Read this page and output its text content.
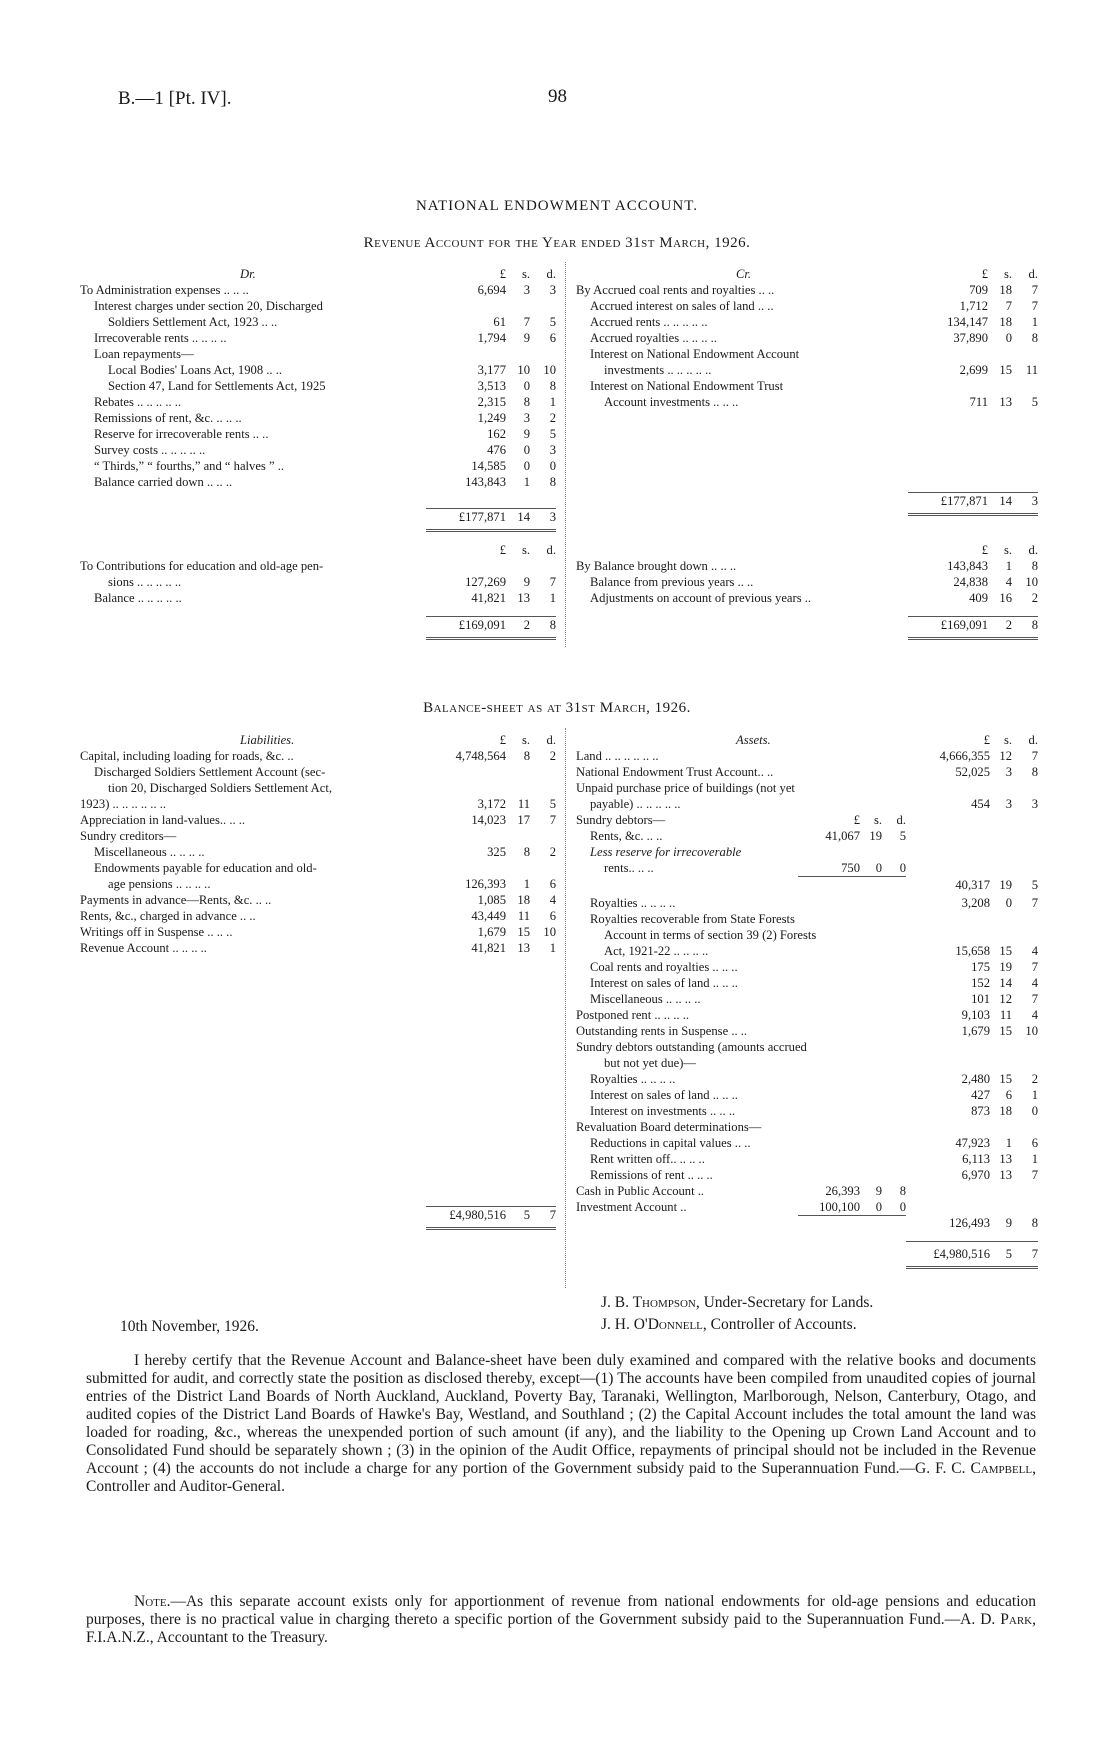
B.—1 [Pt. IV].	98
NATIONAL ENDOWMENT ACCOUNT.
Revenue Account for the Year ended 31st March, 1926.
Dr.	£	s.	d.
To Administration expenses .. .. ..	6,694	3	3
Interest charges under section 20, Discharged			
Soldiers Settlement Act, 1923 .. ..	61	7	5
Irrecoverable rents .. .. .. ..	1,794	9	6
Loan repayments—			
Local Bodies' Loans Act, 1908 .. ..	3,177	10	10
Section 47, Land for Settlements Act, 1925	3,513	0	8
Rebates .. .. .. .. ..	2,315	8	1
Remissions of rent, &c. .. .. ..	1,249	3	2
Reserve for irrecoverable rents .. ..	162	9	5
Survey costs .. .. .. .. ..	476	0	3
“ Thirds,” “ fourths,” and “ halves ” ..	14,585	0	0
Balance carried down .. .. ..	143,843	1	8

	£177,871	14	3
Cr.	£	s.	d.
By Accrued coal rents and royalties .. ..	709	18	7
Accrued interest on sales of land .. ..	1,712	7	7
Accrued rents .. .. .. .. ..	134,147	18	1
Accrued royalties .. .. .. ..	37,890	0	8
Interest on National Endowment Account			
investments .. .. .. .. ..	2,699	15	11
Interest on National Endowment Trust			
Account investments .. .. ..	711	13	5

	£177,871	14	3
	£	s.	d.
To Contributions for education and old-age pen-			
sions .. .. .. .. ..	127,269	9	7
Balance .. .. .. .. ..	41,821	13	1

	£169,091	2	8
	£	s.	d.
By Balance brought down .. .. ..	143,843	1	8
Balance from previous years .. ..	24,838	4	10
Adjustments on account of previous years ..	409	16	2

	£169,091	2	8
Balance-sheet as at 31st March, 1926.
Liabilities.	£	s.	d.
Capital, including loading for roads, &c. ..	4,748,564	8	2
Discharged Soldiers Settlement Account (sec-			
tion 20, Discharged Soldiers Settlement Act,			
1923) .. .. .. .. .. ..	3,172	11	5
Appreciation in land-values.. .. ..	14,023	17	7
Sundry creditors—			
Miscellaneous .. .. .. ..	325	8	2
Endowments payable for education and old-			
age pensions .. .. .. ..	126,393	1	6
Payments in advance—Rents, &c. .. ..	1,085	18	4
Rents, &c., charged in advance .. ..	43,449	11	6
Writings off in Suspense .. .. ..	1,679	15	10
Revenue Account .. .. .. ..	41,821	13	1

	£4,980,516	5	7
Assets.				£	s.	d.
Land .. .. .. .. .. ..				4,666,355	12	7
National Endowment Trust Account.. ..				52,025	3	8
Unpaid purchase price of buildings (not yet						
payable) .. .. .. .. ..				454	3	3
Sundry debtors—	£	s.	d.			
Rents, &c. .. ..	41,067	19	5			
Less reserve for irrecoverable						
rents.. .. ..	750	0	0			
				40,317	19	5
Royalties .. .. .. ..				3,208	0	7
Royalties recoverable from State Forests						
Account in terms of section 39 (2) Forests						
Act, 1921-22 .. .. .. ..				15,658	15	4
Coal rents and royalties .. .. ..				175	19	7
Interest on sales of land .. .. ..				152	14	4
Miscellaneous .. .. .. ..				101	12	7
Postponed rent .. .. .. ..				9,103	11	4
Outstanding rents in Suspense .. ..				1,679	15	10
Sundry debtors outstanding (amounts accrued						
but not yet due)—						
Royalties .. .. .. ..				2,480	15	2
Interest on sales of land .. .. ..				427	6	1
Interest on investments .. .. ..				873	18	0
Revaluation Board determinations—						
Reductions in capital values .. ..				47,923	1	6
Rent written off.. .. .. ..				6,113	13	1
Remissions of rent .. .. ..				6,970	13	7
Cash in Public Account ..	26,393	9	8			
Investment Account ..	100,100	0	0			
				126,493	9	8

				£4,980,516	5	7
10th November, 1926.
J. B. Thompson, Under-Secretary for Lands.
J. H. O'Donnell, Controller of Accounts.
I hereby certify that the Revenue Account and Balance-sheet have been duly examined and compared with the relative books and documents submitted for audit, and correctly state the position as disclosed thereby, except—(1) The accounts have been compiled from unaudited copies of journal entries of the District Land Boards of North Auckland, Auckland, Poverty Bay, Taranaki, Wellington, Marlborough, Nelson, Canterbury, Otago, and audited copies of the District Land Boards of Hawke's Bay, Westland, and Southland ; (2) the Capital Account includes the total amount the land was loaded for roading, &c., whereas the unexpended portion of such amount (if any), and the liability to the Opening up Crown Land Account and to Consolidated Fund should be separately shown ; (3) in the opinion of the Audit Office, repayments of principal should not be included in the Revenue Account ; (4) the accounts do not include a charge for any portion of the Government subsidy paid to the Superannuation Fund.—G. F. C. Campbell, Controller and Auditor-General.
Note.—As this separate account exists only for apportionment of revenue from national endowments for old-age pensions and education purposes, there is no practical value in charging thereto a specific portion of the Government subsidy paid to the Superannuation Fund.—A. D. Park, F.I.A.N.Z., Accountant to the Treasury.
